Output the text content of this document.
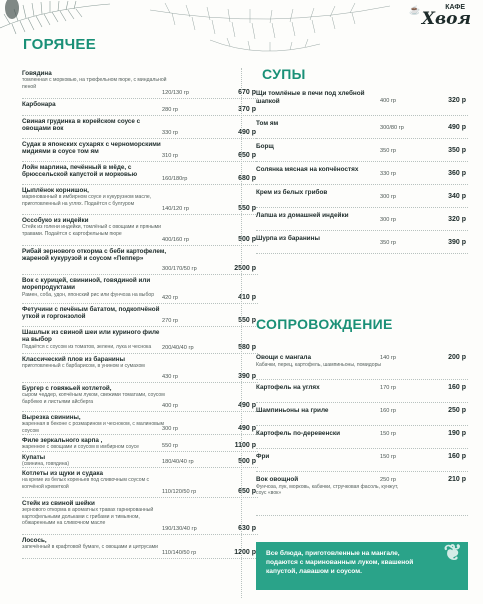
☕	КАФЕ
Хвоя
ГОРЯЧЕЕ
Говядина
томленная с морковью, на трюфельном пюре, с миндальной пеной
120/130 гр	670 р
Карбонара
280 гр	370 р
Свиная грудинка в корейском соусе с овощами вок
330 гр	490 р
Судак в японских сухарях с черноморскими мидиями в соусе том ям
310 гр	650 р
Лойн марлина, печённый в мёде, с брюссельской капустой и морковью
160/180гр	680 р
Цыплёнок корнишон,
маринованный в имбирном соусе и кукурузном масле, приготовленный на углях. Подаётся с булгуром
140/120 гр	550 р
Оссобуко из индейки
Стейк из голени индейки, томлёный с овощами и пряными травами. Подаётся с картофельным пюре
400/160 гр	500 р
Рибай зернового откорма с беби картофелем, жареной кукурузой и соусом «Пеппер»
300/170/50 гр	2500 р
Вок с курицей, свининой, говядиной или морепродуктами
Рамен, соба, удон, японский рис или фунчоза на выбор
420 гр	410 р
Фетучини с печёным бататом, подкопчёной уткой и горгонзолой
270 гр	550 р
Шашлык из свиной шеи или куриного филе на выбор
Подаётся с соусом из томатов, зелени, лука и чеснока	200/40/40 гр	580 р
Классический плов из баранины
приготовленный с барбарисом, в унином и сумахом
430 гр	390 р
Бургер с говяжьей котлетой,
сыром чеддер, копчёным луком, свежими томатами, соусом барбекю и листьями айсберга
400 гр	490 р
Вырезка свинины,
жаренная в беконе с розмарином и чесноком, с малиновым соусом	300 гр	490 р
Филе зеркального карпа ,
жаренное с овощами и соусом в имбирном соусе	550 гр	1100 р
Купаты
(свинина, говядина)	180/40/40 гр	500 р
Котлеты из щуки и судака
на креме из белых кореньев под сливочным соусом с копчёной креветкой
110/120/50 гр	650 р
Стейк из свиной шейки
зернового откорма в ароматных травах гарнированный картофельными дольками с грибами и тимьяном, обжаренными на сливочном масле
190/130/40 гр	630 р
Лосось,
запечённый в крафтовой бумаге, с овощами и цитрусами
110/140/50 гр	1200 р
СУПЫ
Щи томлёные в печи под хлебной шапкой	400 гр	320 р
Том ям
300/80 гр	490 р
Борщ
350 гр	350 р
Солянка мясная на копчёностях
330 гр	360 р
Крем из белых грибов
300 гр	340 р
Лапша из домашней индейки
300 гр	320 р
Шурпа из баранины
350 гр	390 р
СОПРОВОЖДЕНИЕ
Овощи с мангала
Кабачки, перец, картофель, шампиньоны, помидоры
140 гр	200 р
Картофель на углях	170 гр	160 р
Шампиньоны на гриле	160 гр	250 р
Картофель по-деревенски	150 гр	190 р
Фри	150 гр	160 р
Вок овощной
Фунчоза, лук, морковь, кабачки, стручковая фасоль, кунжут, соус «вок»
250 гр	210 р
Все блюда, приготовленные на мангале, подаются с маринованным луком, квашеной капустой, лавашом и соусом.
❦
